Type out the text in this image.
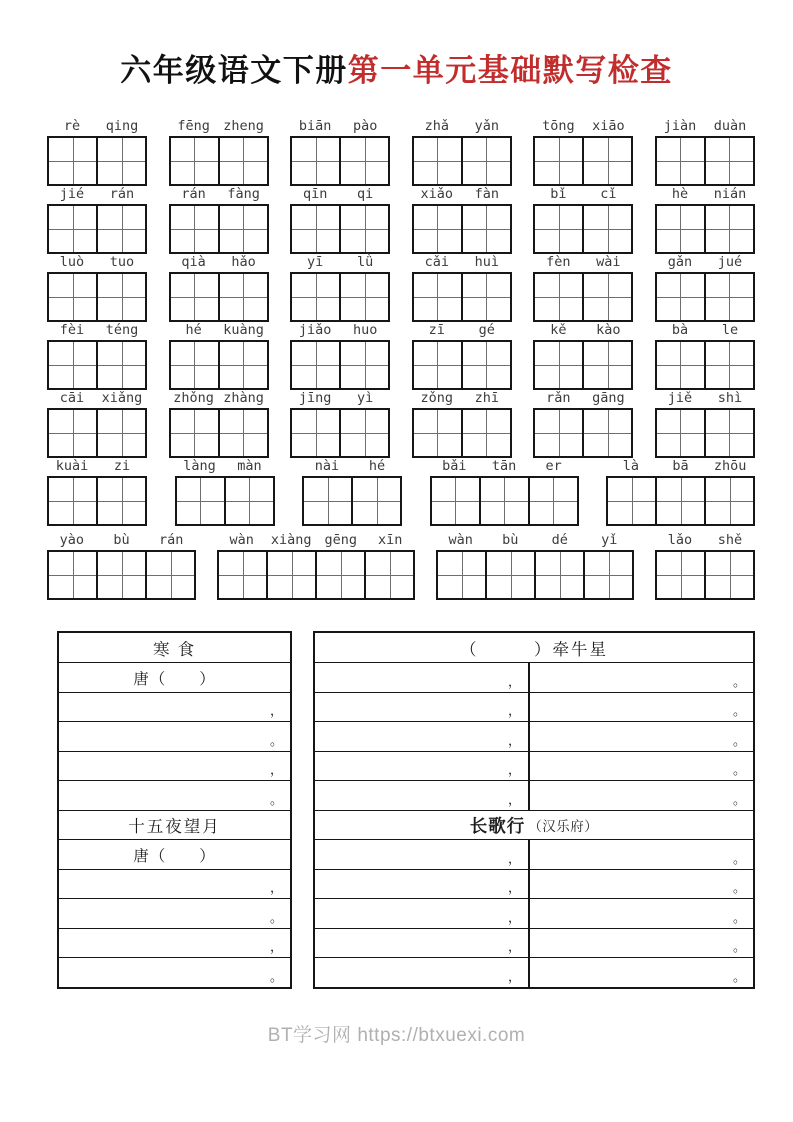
六年级语文下册第一单元基础默写检查
rè	qing	fēng zheng	biān	pào	zhǎ	yǎn	tōng	xiāo	jiàn	duàn
jié	rán	rán	fàng	qīn	qi	xiǎo	fàn	bǐ	cǐ	hè	nián
luò	tuo	qià	hǎo	yī	lǜ	cǎi	huì	fèn	wài	gǎn	jué
fèi	téng	hé	kuàng	jiǎo	huo	zī	gé	kě	kào	bà	le
cāi	xiǎng	zhǒng zhàng	jīng	yì	zǒng	zhī	rǎn	gāng	jiě	shì
kuài	zi	làng	màn	nài	hé	bǎi	tān	er	là	bā	zhōu
yào	bù	rán	wàn	xiàng gēng	xīn	wàn	bù	dé	yǐ	lǎo	shě
寒 食
唐（　　）
，
。
，
。
十五夜望月
唐（　　）
，
。
，
。
（　　　）牵牛星
，	。
，	。
，	。
，	。
，	。
长歌行 （汉乐府）
，	。
，	。
，	。
，	。
，	。
BT学习网 https://btxuexi.com
